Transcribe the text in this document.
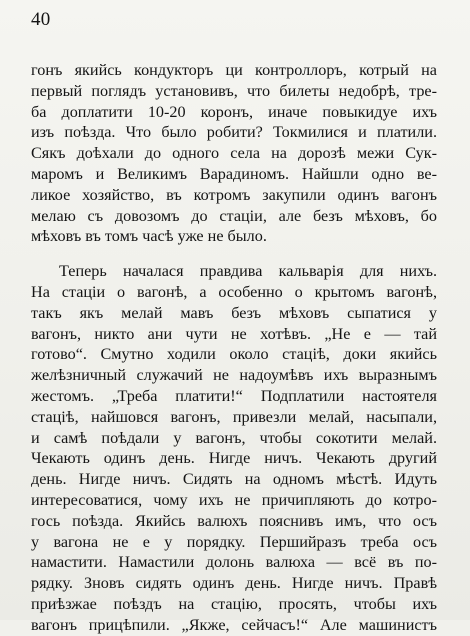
40
гонъ якийсь кондукторъ ци контроллоръ, котрый на
первый поглядъ установивъ, что билеты недобрѣ, тре-
ба доплатити 10-20 коронъ, иначе повыкидуе ихъ
изъ поѣзда. Что было робити? Токмилися и платили.
Сякъ доѣхали до одного села на дорозѣ межи Сук-
маромъ и Великимъ Варадиномъ. Найшли одно ве-
ликое хозяйство, въ котромъ закупили одинъ вагонъ
мелаю съ довозомъ до стаціи, але безъ мѣховъ, бо
мѣховъ въ томъ часѣ уже не было.
Теперь началася правдива кальварія для нихъ.
На стаціи о вагонѣ, а особенно о крытомъ вагонѣ,
такъ якъ мелай мавъ безъ мѣховъ сыпатися у
вагонъ, никто ани чути не хотѣвъ. „Не е — тай
готово“. Смутно ходили около стаціѣ, доки якийсь
желѣзничный служачий не надоумѣвъ ихъ выразнымъ
жестомъ. „Треба платити!“ Подплатили настоятеля
стаціѣ, найшовся вагонъ, привезли мелай, насыпали,
и самѣ поѣдали у вагонъ, чтобы сокотити мелай.
Чекають одинъ день. Нигде ничъ. Чекають другий
день. Нигде ничъ. Сидять на одномъ мѣстѣ. Идуть
интересоватися, чому ихъ не причипляють до котро-
гось поѣзда. Якийсь валюхъ пояснивъ имъ, что осъ
у вагона не е у порядку. Першийразъ треба осъ
намастити. Намастили долонь валюха — всё въ по-
рядку. Зновъ сидять одинъ день. Нигде ничъ. Правѣ
приѣзжае поѣздъ на стацію, просять, чтобы ихъ
вагонъ прицѣпили. „Якже, сейчасъ!“ Але машинистъ
